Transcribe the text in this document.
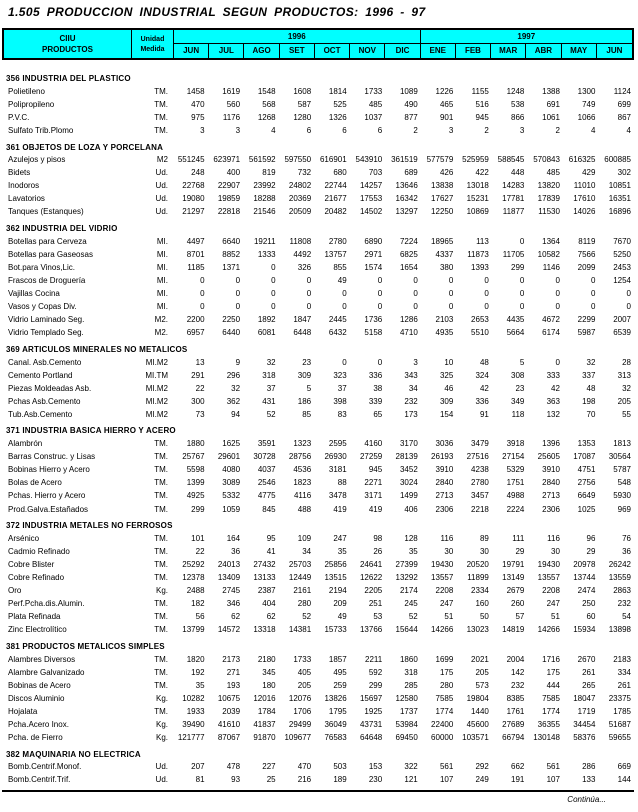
1.505 PRODUCCION INDUSTRIAL SEGUN PRODUCTOS: 1996 - 97
CIIU
PRODUCTOS
Unidad
Medida
1996	1997
JUN	JUL	AGO	SET	OCT	NOV	DIC	ENE	FEB	MAR	ABR	MAY	JUN
356 INDUSTRIA DEL PLASTICO
Polietileno	TM.	1458	1619	1548	1608	1814	1733	1089	1226	1155	1248	1388	1300	1124
Polipropileno	TM.	470	560	568	587	525	485	490	465	516	538	691	749	699
P.V.C.	TM.	975	1176	1268	1280	1326	1037	877	901	945	866	1061	1066	867
Sulfato Trib.Plomo	TM.	3	3	4	6	6	6	2	3	2	3	2	4	4
361 OBJETOS DE LOZA Y PORCELANA
Azulejos y pisos	M2	551245	623971	561592	597550	616901	543910	361519	577579	525959	588545	570843	616325	600885
Bidets	Ud.	248	400	819	732	680	703	689	426	422	448	485	429	302
Inodoros	Ud.	22768	22907	23992	24802	22744	14257	13646	13838	13018	14283	13820	11010	10851
Lavatorios	Ud.	19080	19859	18288	20369	21677	17553	16342	17627	15231	17781	17839	17610	16351
Tanques (Estanques)	Ud.	21297	22818	21546	20509	20482	14502	13297	12250	10869	11877	11530	14026	16896
362 INDUSTRIA DEL VIDRIO
Botellas para Cerveza	MI.	4497	6640	19211	11808	2780	6890	7224	18965	113	0	1364	8119	7670
Botellas para Gaseosas	MI.	8701	8852	1333	4492	13757	2971	6825	4337	11873	11705	10582	7566	5250
Bot.para Vinos,Lic.	MI.	1185	1371	0	326	855	1574	1654	380	1393	299	1146	2099	2453
Frascos de Droguería	MI.	0	0	0	0	49	0	0	0	0	0	0	0	1254
Vajillas Cocina	MI.	0	0	0	0	0	0	0	0	0	0	0	0	0
Vasos y Copas Div.	MI.	0	0	0	0	0	0	0	0	0	0	0	0	0
Vidrio Laminado Seg.	M2.	2200	2250	1892	1847	2445	1736	1286	2103	2653	4435	4672	2299	2007
Vidrio Templado Seg.	M2.	6957	6440	6081	6448	6432	5158	4710	4935	5510	5664	6174	5987	6539
369 ARTICULOS MINERALES NO METALICOS
Canal. Asb.Cemento	MI.M2	13	9	32	23	0	0	3	10	48	5	0	32	28
Cemento Portland	MI.TM	291	296	318	309	323	336	343	325	324	308	333	337	313
Piezas Moldeadas Asb.	MI.M2	22	32	37	5	37	38	34	46	42	23	42	48	32
Pchas Asb.Cemento	MI.M2	300	362	431	186	398	339	232	309	336	349	363	198	205
Tub.Asb.Cemento	MI.M2	73	94	52	85	83	65	173	154	91	118	132	70	55
371 INDUSTRIA BASICA HIERRO Y ACERO
Alambrón	TM.	1880	1625	3591	1323	2595	4160	3170	3036	3479	3918	1396	1353	1813
Barras Construc. y Lisas	TM.	25767	29601	30728	28756	26930	27259	28139	26193	27516	27154	25605	17087	30564
Bobinas Hierro y Acero	TM.	5598	4080	4037	4536	3181	945	3452	3910	4238	5329	3910	4751	5787
Bolas de Acero	TM.	1399	3089	2546	1823	88	2271	3024	2840	2780	1751	2840	2756	548
Pchas. Hierro y Acero	TM.	4925	5332	4775	4116	3478	3171	1499	2713	3457	4988	2713	6649	5930
Prod.Galva.Estañados	TM.	299	1059	845	488	419	419	406	2306	2218	2224	2306	1025	969
372 INDUSTRIA METALES NO FERROSOS
Arsénico	TM.	101	164	95	109	247	98	128	116	89	111	116	96	76
Cadmio Refinado	TM.	22	36	41	34	35	26	35	30	30	29	30	29	36
Cobre Blister	TM.	25292	24013	27432	25703	25856	24641	27399	19430	20520	19791	19430	20978	26242
Cobre Refinado	TM.	12378	13409	13133	12449	13515	12622	13292	13557	11899	13149	13557	13744	13559
Oro	Kg.	2488	2745	2387	2161	2194	2205	2174	2208	2334	2679	2208	2474	2863
Perf.Pcha.dis.Alumin.	TM.	182	346	404	280	209	251	245	247	160	260	247	250	232
Plata Refinada	TM.	56	62	62	52	49	53	52	51	50	57	51	60	54
Zinc Electrolítico	TM.	13799	14572	13318	14381	15733	13766	15644	14266	13023	14819	14266	15934	13898
381 PRODUCTOS METALICOS SIMPLES
Alambres Diversos	TM.	1820	2173	2180	1733	1857	2211	1860	1699	2021	2004	1716	2670	2183
Alambre Galvanizado	TM.	192	271	345	405	495	592	318	175	205	142	175	261	334
Bobinas de Acero	TM.	35	193	180	205	259	299	285	280	573	232	444	265	261
Discos Aluminio	Kg.	10282	10675	12016	12076	13826	15697	12580	7585	19804	8385	7585	18047	23375
Hojalata	TM.	1933	2039	1784	1706	1795	1925	1737	1774	1440	1761	1774	1719	1785
Pcha.Acero Inox.	Kg.	39490	41610	41837	29499	36049	43731	53984	22400	45600	27689	36355	34454	51687
Pcha. de Fierro	Kg.	121777	87067	91870	109677	76583	64648	69450	60000	103571	66794	130148	58376	59655
382 MAQUINARIA NO ELECTRICA
Bomb.Centrif.Monof.	Ud.	207	478	227	470	503	153	322	561	292	662	561	286	669
Bomb.Centrif.Trif.	Ud.	81	93	25	216	189	230	121	107	249	191	107	133	144
Continúa...
